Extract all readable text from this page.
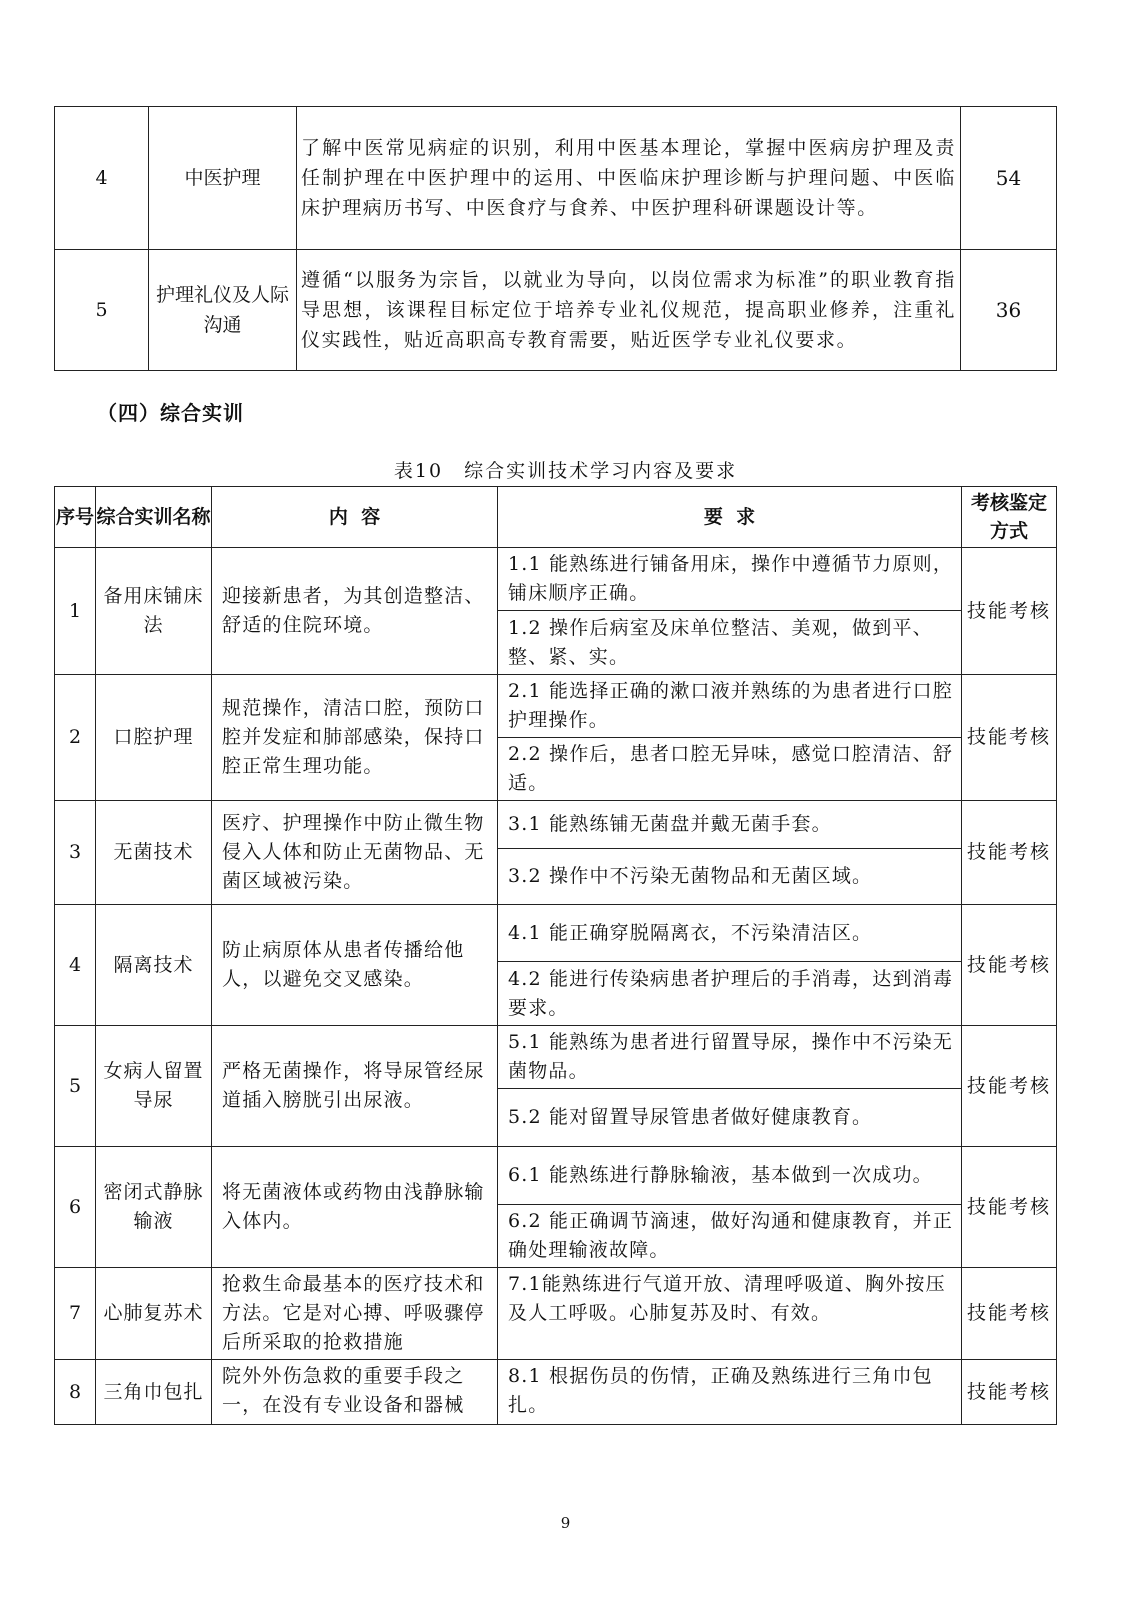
4	中医护理	了解中医常见病症的识别，利用中医基本理论，掌握中医病房护理及责任制护理在中医护理中的运用、中医临床护理诊断与护理问题、中医临床护理病历书写、中医食疗与食养、中医护理科研课题设计等。	54
5	护理礼仪及人际沟通	遵循“以服务为宗旨，以就业为导向，以岗位需求为标准”的职业教育指导思想，该课程目标定位于培养专业礼仪规范，提高职业修养，注重礼仪实践性，贴近高职高专教育需要，贴近医学专业礼仪要求。	36
（四）综合实训
表10　综合实训技术学习内容及要求
序号	综合实训名称	内  容	要  求	考核鉴定方式
1	备用床铺床法	迎接新患者，为其创造整洁、舒适的住院环境。	1.1 能熟练进行铺备用床，操作中遵循节力原则，铺床顺序正确。	技能考核
			1.2 操作后病室及床单位整洁、美观，做到平、整、紧、实。	
2	口腔护理	规范操作，清洁口腔，预防口腔并发症和肺部感染，保持口腔正常生理功能。	2.1 能选择正确的漱口液并熟练的为患者进行口腔护理操作。	技能考核
			2.2 操作后，患者口腔无异味，感觉口腔清洁、舒适。	
3	无菌技术	医疗、护理操作中防止微生物侵入人体和防止无菌物品、无菌区域被污染。	3.1 能熟练铺无菌盘并戴无菌手套。	技能考核
			3.2 操作中不污染无菌物品和无菌区域。	
4	隔离技术	防止病原体从患者传播给他人，以避免交叉感染。	4.1 能正确穿脱隔离衣，不污染清洁区。	技能考核
			4.2 能进行传染病患者护理后的手消毒，达到消毒要求。	
5	女病人留置导尿	严格无菌操作，将导尿管经尿道插入膀胱引出尿液。	5.1 能熟练为患者进行留置导尿，操作中不污染无菌物品。	技能考核
			5.2 能对留置导尿管患者做好健康教育。	
6	密闭式静脉输液	将无菌液体或药物由浅静脉输入体内。	6.1 能熟练进行静脉输液，基本做到一次成功。	技能考核
			6.2 能正确调节滴速，做好沟通和健康教育，并正确处理输液故障。	
7	心肺复苏术	抢救生命最基本的医疗技术和方法。它是对心搏、呼吸骤停后所采取的抢救措施	7.1能熟练进行气道开放、清理呼吸道、胸外按压及人工呼吸。心肺复苏及时、有效。	技能考核
8	三角巾包扎	院外外伤急救的重要手段之一，在没有专业设备和器械	8.1 根据伤员的伤情，正确及熟练进行三角巾包扎。	技能考核
9
